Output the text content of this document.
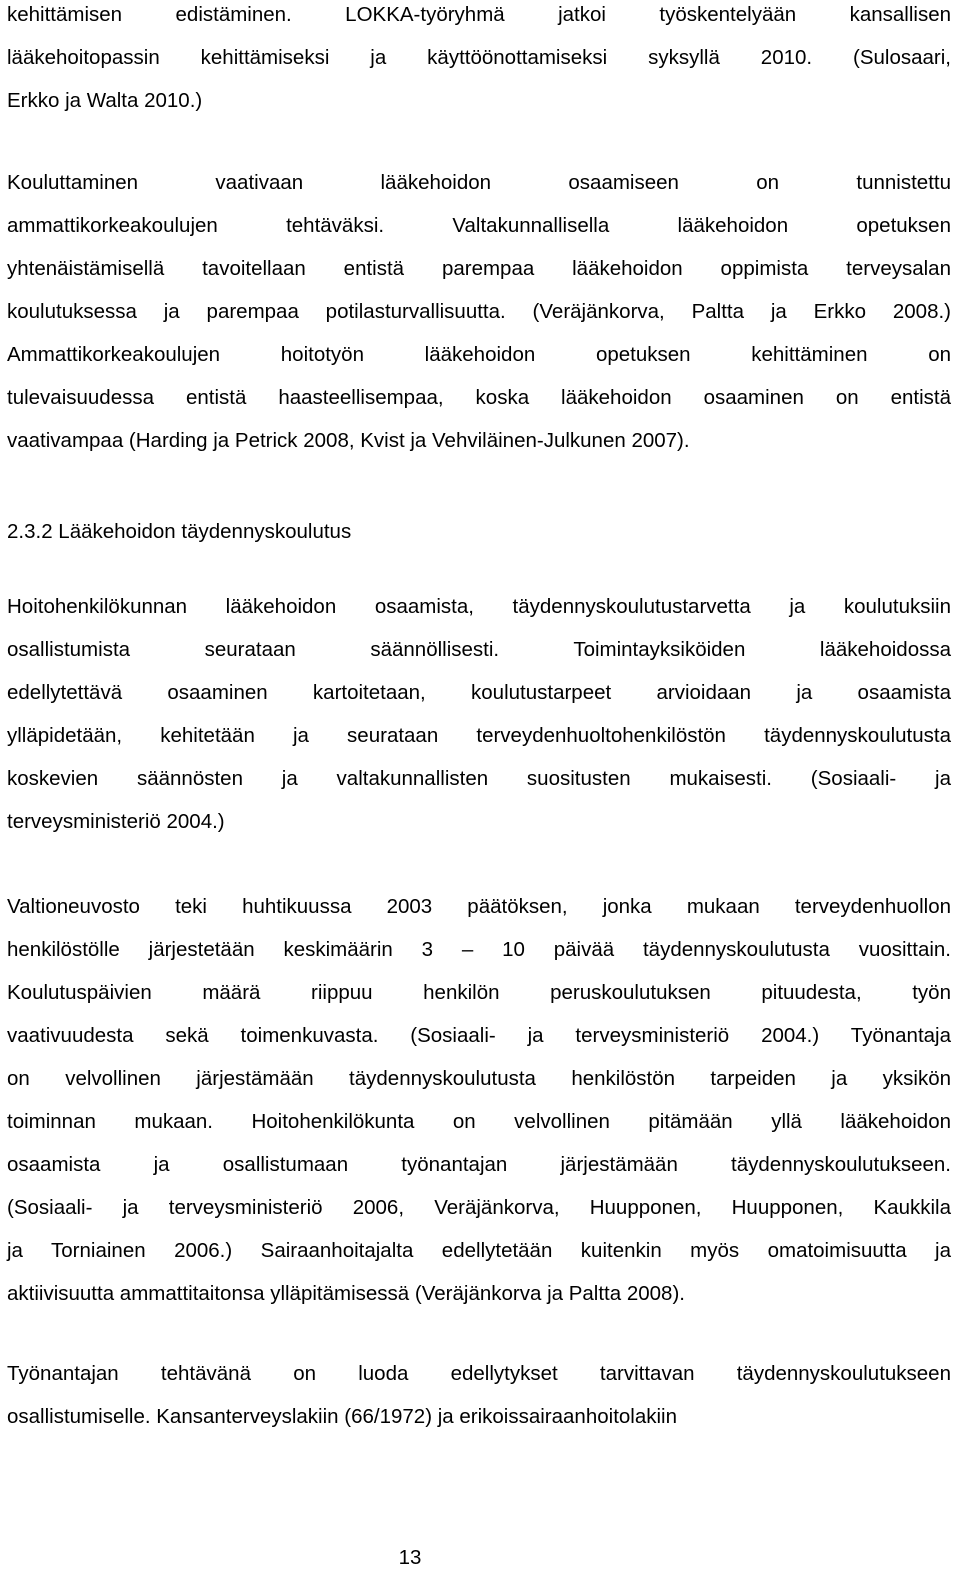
kehittämisen edistäminen. LOKKA-työryhmä jatkoi työskentelyään kansallisen
lääkehoitopassin kehittämiseksi ja käyttöönottamiseksi syksyllä 2010. (Sulosaari,
Erkko ja Walta 2010.)
Kouluttaminen vaativaan lääkehoidon osaamiseen on tunnistettu
ammattikorkeakoulujen tehtäväksi. Valtakunnallisella lääkehoidon opetuksen
yhtenäistämisellä tavoitellaan entistä parempaa lääkehoidon oppimista terveysalan
koulutuksessa ja parempaa potilasturvallisuutta. (Veräjänkorva, Paltta ja Erkko 2008.)
Ammattikorkeakoulujen hoitotyön lääkehoidon opetuksen kehittäminen on
tulevaisuudessa entistä haasteellisempaa, koska lääkehoidon osaaminen on entistä
vaativampaa (Harding ja Petrick 2008, Kvist ja Vehviläinen-Julkunen 2007).
2.3.2 Lääkehoidon täydennyskoulutus
Hoitohenkilökunnan lääkehoidon osaamista, täydennyskoulutustarvetta ja koulutuksiin
osallistumista seurataan säännöllisesti. Toimintayksiköiden lääkehoidossa
edellytettävä osaaminen kartoitetaan, koulutustarpeet arvioidaan ja osaamista
ylläpidetään, kehitetään ja seurataan terveydenhuoltohenkilöstön täydennyskoulutusta
koskevien säännösten ja valtakunnallisten suositusten mukaisesti. (Sosiaali- ja
terveysministeriö 2004.)
Valtioneuvosto teki huhtikuussa 2003 päätöksen, jonka mukaan terveydenhuollon
henkilöstölle järjestetään keskimäärin 3 – 10 päivää täydennyskoulutusta vuosittain.
Koulutuspäivien määrä riippuu henkilön peruskoulutuksen pituudesta, työn
vaativuudesta sekä toimenkuvasta. (Sosiaali- ja terveysministeriö 2004.) Työnantaja
on velvollinen järjestämään täydennyskoulutusta henkilöstön tarpeiden ja yksikön
toiminnan mukaan. Hoitohenkilökunta on velvollinen pitämään yllä lääkehoidon
osaamista ja osallistumaan työnantajan järjestämään täydennyskoulutukseen.
(Sosiaali- ja terveysministeriö 2006, Veräjänkorva, Huupponen, Huupponen, Kaukkila
ja Torniainen 2006.) Sairaanhoitajalta edellytetään kuitenkin myös omatoimisuutta ja
aktiivisuutta ammattitaitonsa ylläpitämisessä (Veräjänkorva ja Paltta 2008).
Työnantajan tehtävänä on luoda edellytykset tarvittavan täydennyskoulutukseen
osallistumiselle. Kansanterveyslakiin (66/1972) ja erikoissairaanhoitolakiin
13
